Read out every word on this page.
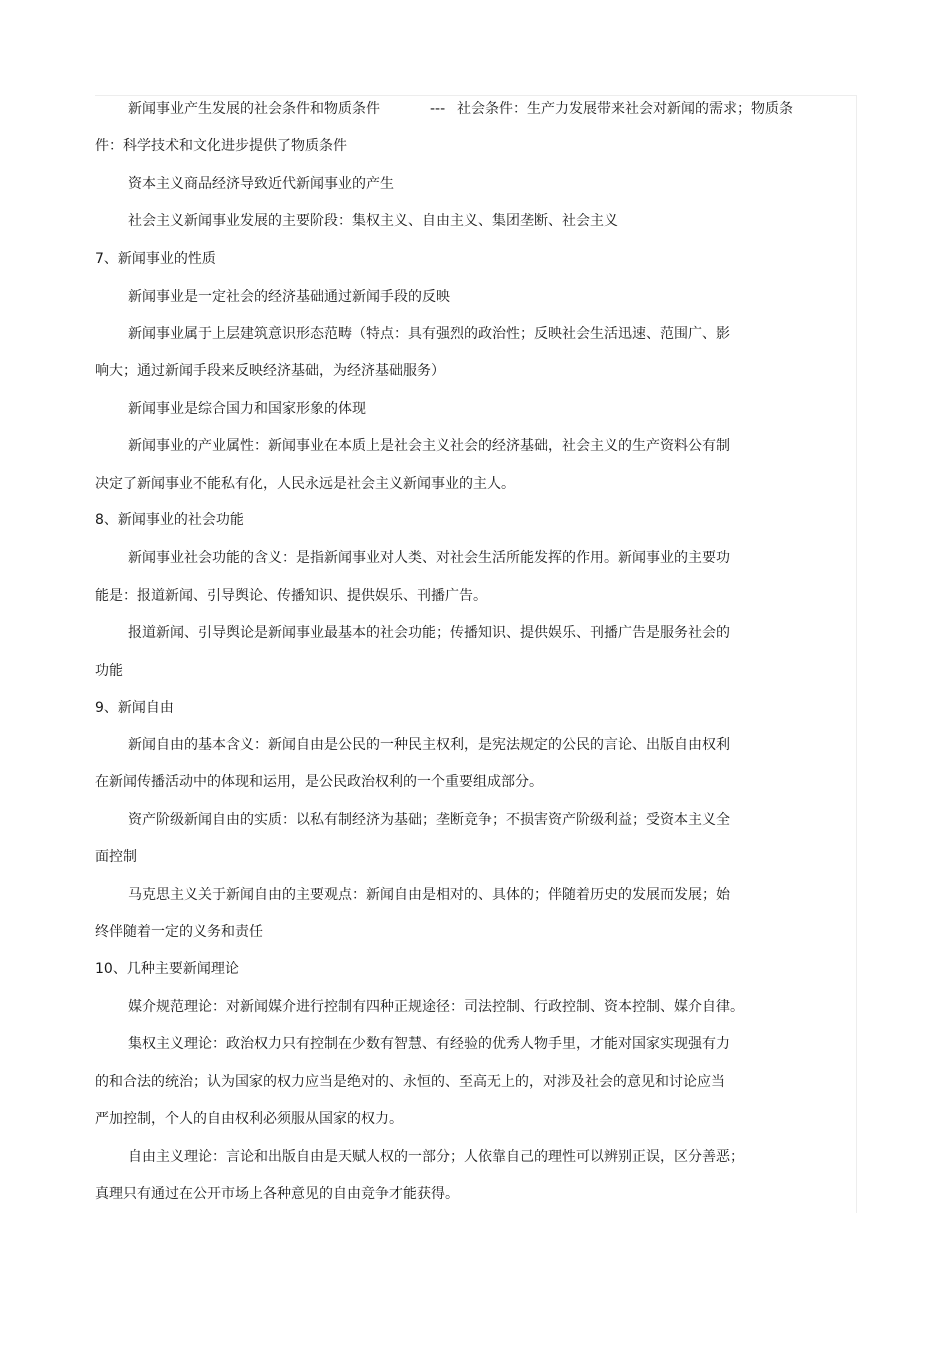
新闻事业产生发展的社会条件和物质条件	--- 社会条件：生产力发展带来社会对新闻的需求；物质条
件：科学技术和文化进步提供了物质条件
资本主义商品经济导致近代新闻事业的产生
社会主义新闻事业发展的主要阶段：集权主义、自由主义、集团垄断、社会主义
7、新闻事业的性质
新闻事业是一定社会的经济基础通过新闻手段的反映
新闻事业属于上层建筑意识形态范畴（特点：具有强烈的政治性；反映社会生活迅速、范围广、影
响大；通过新闻手段来反映经济基础，为经济基础服务）
新闻事业是综合国力和国家形象的体现
新闻事业的产业属性：新闻事业在本质上是社会主义社会的经济基础，社会主义的生产资料公有制
决定了新闻事业不能私有化，人民永远是社会主义新闻事业的主人。
8、新闻事业的社会功能
新闻事业社会功能的含义：是指新闻事业对人类、对社会生活所能发挥的作用。新闻事业的主要功
能是：报道新闻、引导舆论、传播知识、提供娱乐、刊播广告。
报道新闻、引导舆论是新闻事业最基本的社会功能；传播知识、提供娱乐、刊播广告是服务社会的
功能
9、新闻自由
新闻自由的基本含义：新闻自由是公民的一种民主权利，是宪法规定的公民的言论、出版自由权利
在新闻传播活动中的体现和运用，是公民政治权利的一个重要组成部分。
资产阶级新闻自由的实质：以私有制经济为基础；垄断竞争；不损害资产阶级利益；受资本主义全
面控制
马克思主义关于新闻自由的主要观点：新闻自由是相对的、具体的；伴随着历史的发展而发展；始
终伴随着一定的义务和责任
10、几种主要新闻理论
媒介规范理论：对新闻媒介进行控制有四种正规途径：司法控制、行政控制、资本控制、媒介自律。
集权主义理论：政治权力只有控制在少数有智慧、有经验的优秀人物手里，才能对国家实现强有力
的和合法的统治；认为国家的权力应当是绝对的、永恒的、至高无上的，对涉及社会的意见和讨论应当
严加控制，个人的自由权利必须服从国家的权力。
自由主义理论：言论和出版自由是天赋人权的一部分；人依靠自己的理性可以辨别正误，区分善恶；
真理只有通过在公开市场上各种意见的自由竞争才能获得。
